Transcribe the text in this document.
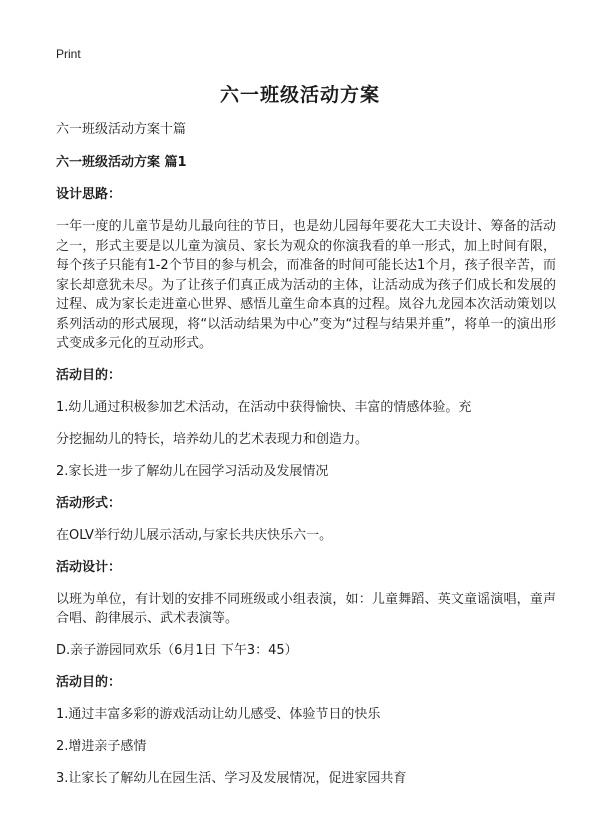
Print
六一班级活动方案

六一班级活动方案十篇

六一班级活动方案 篇1

设计思路：

一年一度的儿童节是幼儿最向往的节日，也是幼儿园每年要花大工夫设计、筹备的活动之一，形式主要是以儿童为演员、家长为观众的你演我看的单一形式，加上时间有限，每个孩子只能有1-2个节目的参与机会，而准备的时间可能长达1个月，孩子很辛苦，而家长却意犹未尽。为了让孩子们真正成为活动的主体，让活动成为孩子们成长和发展的过程、成为家长走进童心世界、感悟儿童生命本真的过程。岚谷九龙园本次活动策划以系列活动的形式展现，将“以活动结果为中心”变为“过程与结果并重”，将单一的演出形式变成多元化的互动形式。

活动目的：

1.幼儿通过积极参加艺术活动，在活动中获得愉快、丰富的情感体验。充

分挖掘幼儿的特长，培养幼儿的艺术表现力和创造力。

2.家长进一步了解幼儿在园学习活动及发展情况

活动形式：

在OLV举行幼儿展示活动,与家长共庆快乐六一。

活动设计：

以班为单位，有计划的安排不同班级或小组表演，如：儿童舞蹈、英文童谣演唱，童声合唱、韵律展示、武术表演等。

D.亲子游园同欢乐（6月1日 下午3：45）

活动目的：

1.通过丰富多彩的游戏活动让幼儿感受、体验节日的快乐

2.增进亲子感情

3.让家长了解幼儿在园生活、学习及发展情况，促进家园共育
